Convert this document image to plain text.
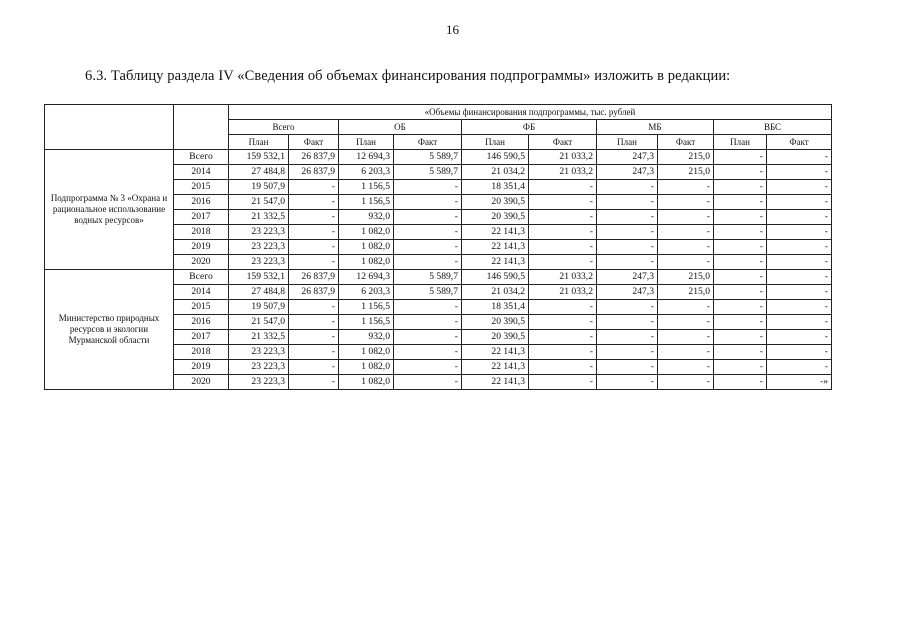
16
6.3. Таблицу раздела IV «Сведения об объемах финансирования подпрограммы» изложить в редакции:
		«Объемы финансирования подпрограммы, тыс. рублей									
		Всего		ОБ		ФБ		МБ		ВБС	
		План	Факт	План	Факт	План	Факт	План	Факт	План	Факт
Подпрограмма № 3 «Охрана и рациональное использование водных ресурсов»	Всего	159 532,1	26 837,9	12 694,3	5 589,7	146 590,5	21 033,2	247,3	215,0	-	-
	2014	27 484,8	26 837,9	6 203,3	5 589,7	21 034,2	21 033,2	247,3	215,0	-	-
	2015	19 507,9	-	1 156,5	-	18 351,4	-	-	-	-	-
	2016	21 547,0	-	1 156,5	-	20 390,5	-	-	-	-	-
	2017	21 332,5	-	932,0	-	20 390,5	-	-	-	-	-
	2018	23 223,3	-	1 082,0	-	22 141,3	-	-	-	-	-
	2019	23 223,3	-	1 082,0	-	22 141,3	-	-	-	-	-
	2020	23 223,3	-	1 082,0	-	22 141,3	-	-	-	-	-
Министерство природных ресурсов и экологии Мурманской области	Всего	159 532,1	26 837,9	12 694,3	5 589,7	146 590,5	21 033,2	247,3	215,0	-	-
	2014	27 484,8	26 837,9	6 203,3	5 589,7	21 034,2	21 033,2	247,3	215,0	-	-
	2015	19 507,9	-	1 156,5	-	18 351,4	-	-	-	-	-
	2016	21 547,0	-	1 156,5	-	20 390,5	-	-	-	-	-
	2017	21 332,5	-	932,0	-	20 390,5	-	-	-	-	-
	2018	23 223,3	-	1 082,0	-	22 141,3	-	-	-	-	-
	2019	23 223,3	-	1 082,0	-	22 141,3	-	-	-	-	-
	2020	23 223,3	-	1 082,0	-	22 141,3	-	-	-	-	-»
